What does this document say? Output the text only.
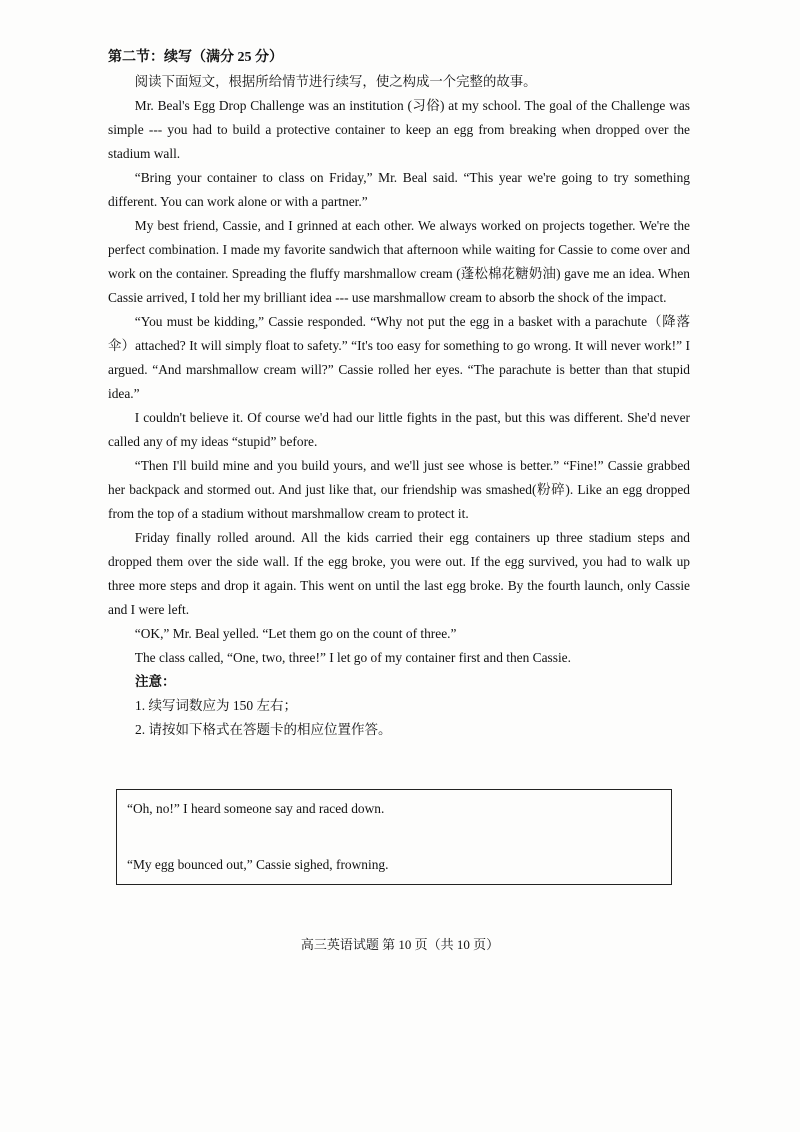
第二节：续写（满分 25 分）

阅读下面短文，根据所给情节进行续写，使之构成一个完整的故事。

Mr. Beal's Egg Drop Challenge was an institution (习俗) at my school. The goal of the Challenge was simple --- you had to build a protective container to keep an egg from breaking when dropped over the stadium wall.

“Bring your container to class on Friday,” Mr. Beal said. “This year we're going to try something different. You can work alone or with a partner.”

My best friend, Cassie, and I grinned at each other. We always worked on projects together. We're the perfect combination. I made my favorite sandwich that afternoon while waiting for Cassie to come over and work on the container. Spreading the fluffy marshmallow cream (蓬松棉花糖奶油) gave me an idea. When Cassie arrived, I told her my brilliant idea --- use marshmallow cream to absorb the shock of the impact.

“You must be kidding,” Cassie responded. “Why not put the egg in a basket with a parachute（降落伞）attached? It will simply float to safety.” “It's too easy for something to go wrong. It will never work!” I argued. “And marshmallow cream will?” Cassie rolled her eyes. “The parachute is better than that stupid idea.”

I couldn't believe it. Of course we'd had our little fights in the past, but this was different. She'd never called any of my ideas “stupid” before.

“Then I'll build mine and you build yours, and we'll just see whose is better.” “Fine!” Cassie grabbed her backpack and stormed out. And just like that, our friendship was smashed(粉碎). Like an egg dropped from the top of a stadium without marshmallow cream to protect it.

Friday finally rolled around. All the kids carried their egg containers up three stadium steps and dropped them over the side wall. If the egg broke, you were out. If the egg survived, you had to walk up three more steps and drop it again. This went on until the last egg broke. By the fourth launch, only Cassie and I were left.

“OK,” Mr. Beal yelled. “Let them go on the count of three.”

The class called, “One, two, three!” I let go of my container first and then Cassie.

注意：

1. 续写词数应为 150 左右；

2. 请按如下格式在答题卡的相应位置作答。

“Oh, no!” I heard someone say and raced down.

“My egg bounced out,” Cassie sighed, frowning.

高三英语试题 第 10 页（共 10 页）
